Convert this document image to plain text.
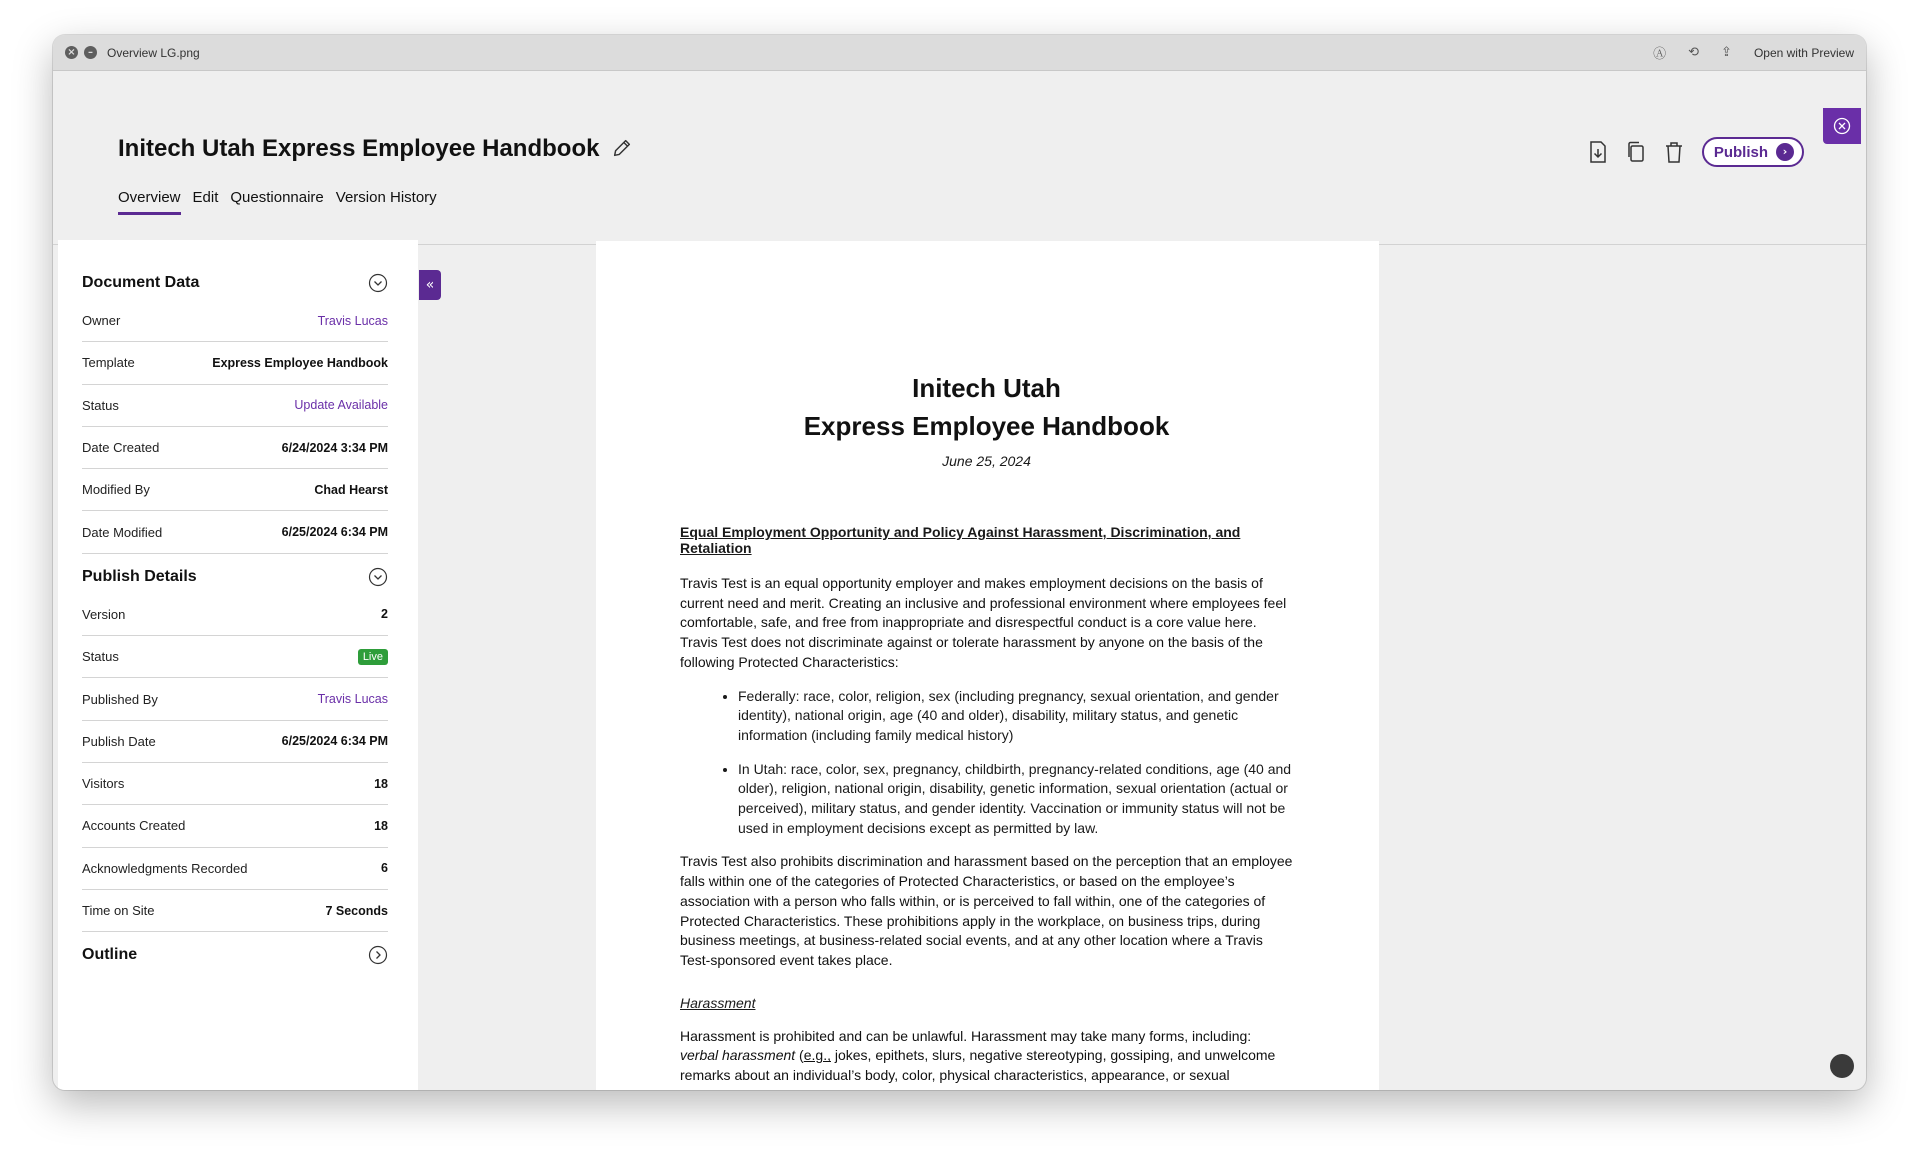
×	–	Overview LG.png	Ⓐ ⟲ ⇪ Open with Preview
Initech Utah Express Employee Handbook
Overview Edit Questionnaire Version History
Publish	›
Document Data
Owner	Travis Lucas
Template	Express Employee Handbook
Status	Update Available
Date Created	6/24/2024 3:34 PM
Modified By	Chad Hearst
Date Modified	6/25/2024 6:34 PM
Publish Details
Version	2
Status	Live
Published By	Travis Lucas
Publish Date	6/25/2024 6:34 PM
Visitors	18
Accounts Created	18
Acknowledgments Recorded	6
Time on Site	7 Seconds
Outline
«
Initech Utah
Express Employee Handbook
June 25, 2024
Equal Employment Opportunity and Policy Against Harassment, Discrimination, and Retaliation

Travis Test is an equal opportunity employer and makes employment decisions on the basis of current need and merit. Creating an inclusive and professional environment where employees feel comfortable, safe, and free from inappropriate and disrespectful conduct is a core value here. Travis Test does not discriminate against or tolerate harassment by anyone on the basis of the following Protected Characteristics:

• Federally: race, color, religion, sex (including pregnancy, sexual orientation, and gender identity), national origin, age (40 and older), disability, military status, and genetic information (including family medical history)
• In Utah: race, color, sex, pregnancy, childbirth, pregnancy-related conditions, age (40 and older), religion, national origin, disability, genetic information, sexual orientation (actual or perceived), military status, and gender identity. Vaccination or immunity status will not be used in employment decisions except as permitted by law.

Travis Test also prohibits discrimination and harassment based on the perception that an employee falls within one of the categories of Protected Characteristics, or based on the employee’s association with a person who falls within, or is perceived to fall within, one of the categories of Protected Characteristics. These prohibitions apply in the workplace, on business trips, during business meetings, at business-related social events, and at any other location where a Travis Test-sponsored event takes place.

Harassment

Harassment is prohibited and can be unlawful. Harassment may take many forms, including: verbal harassment (e.g., jokes, epithets, slurs, negative stereotyping, gossiping, and unwelcome remarks about an individual’s body, color, physical characteristics, appearance, or sexual
